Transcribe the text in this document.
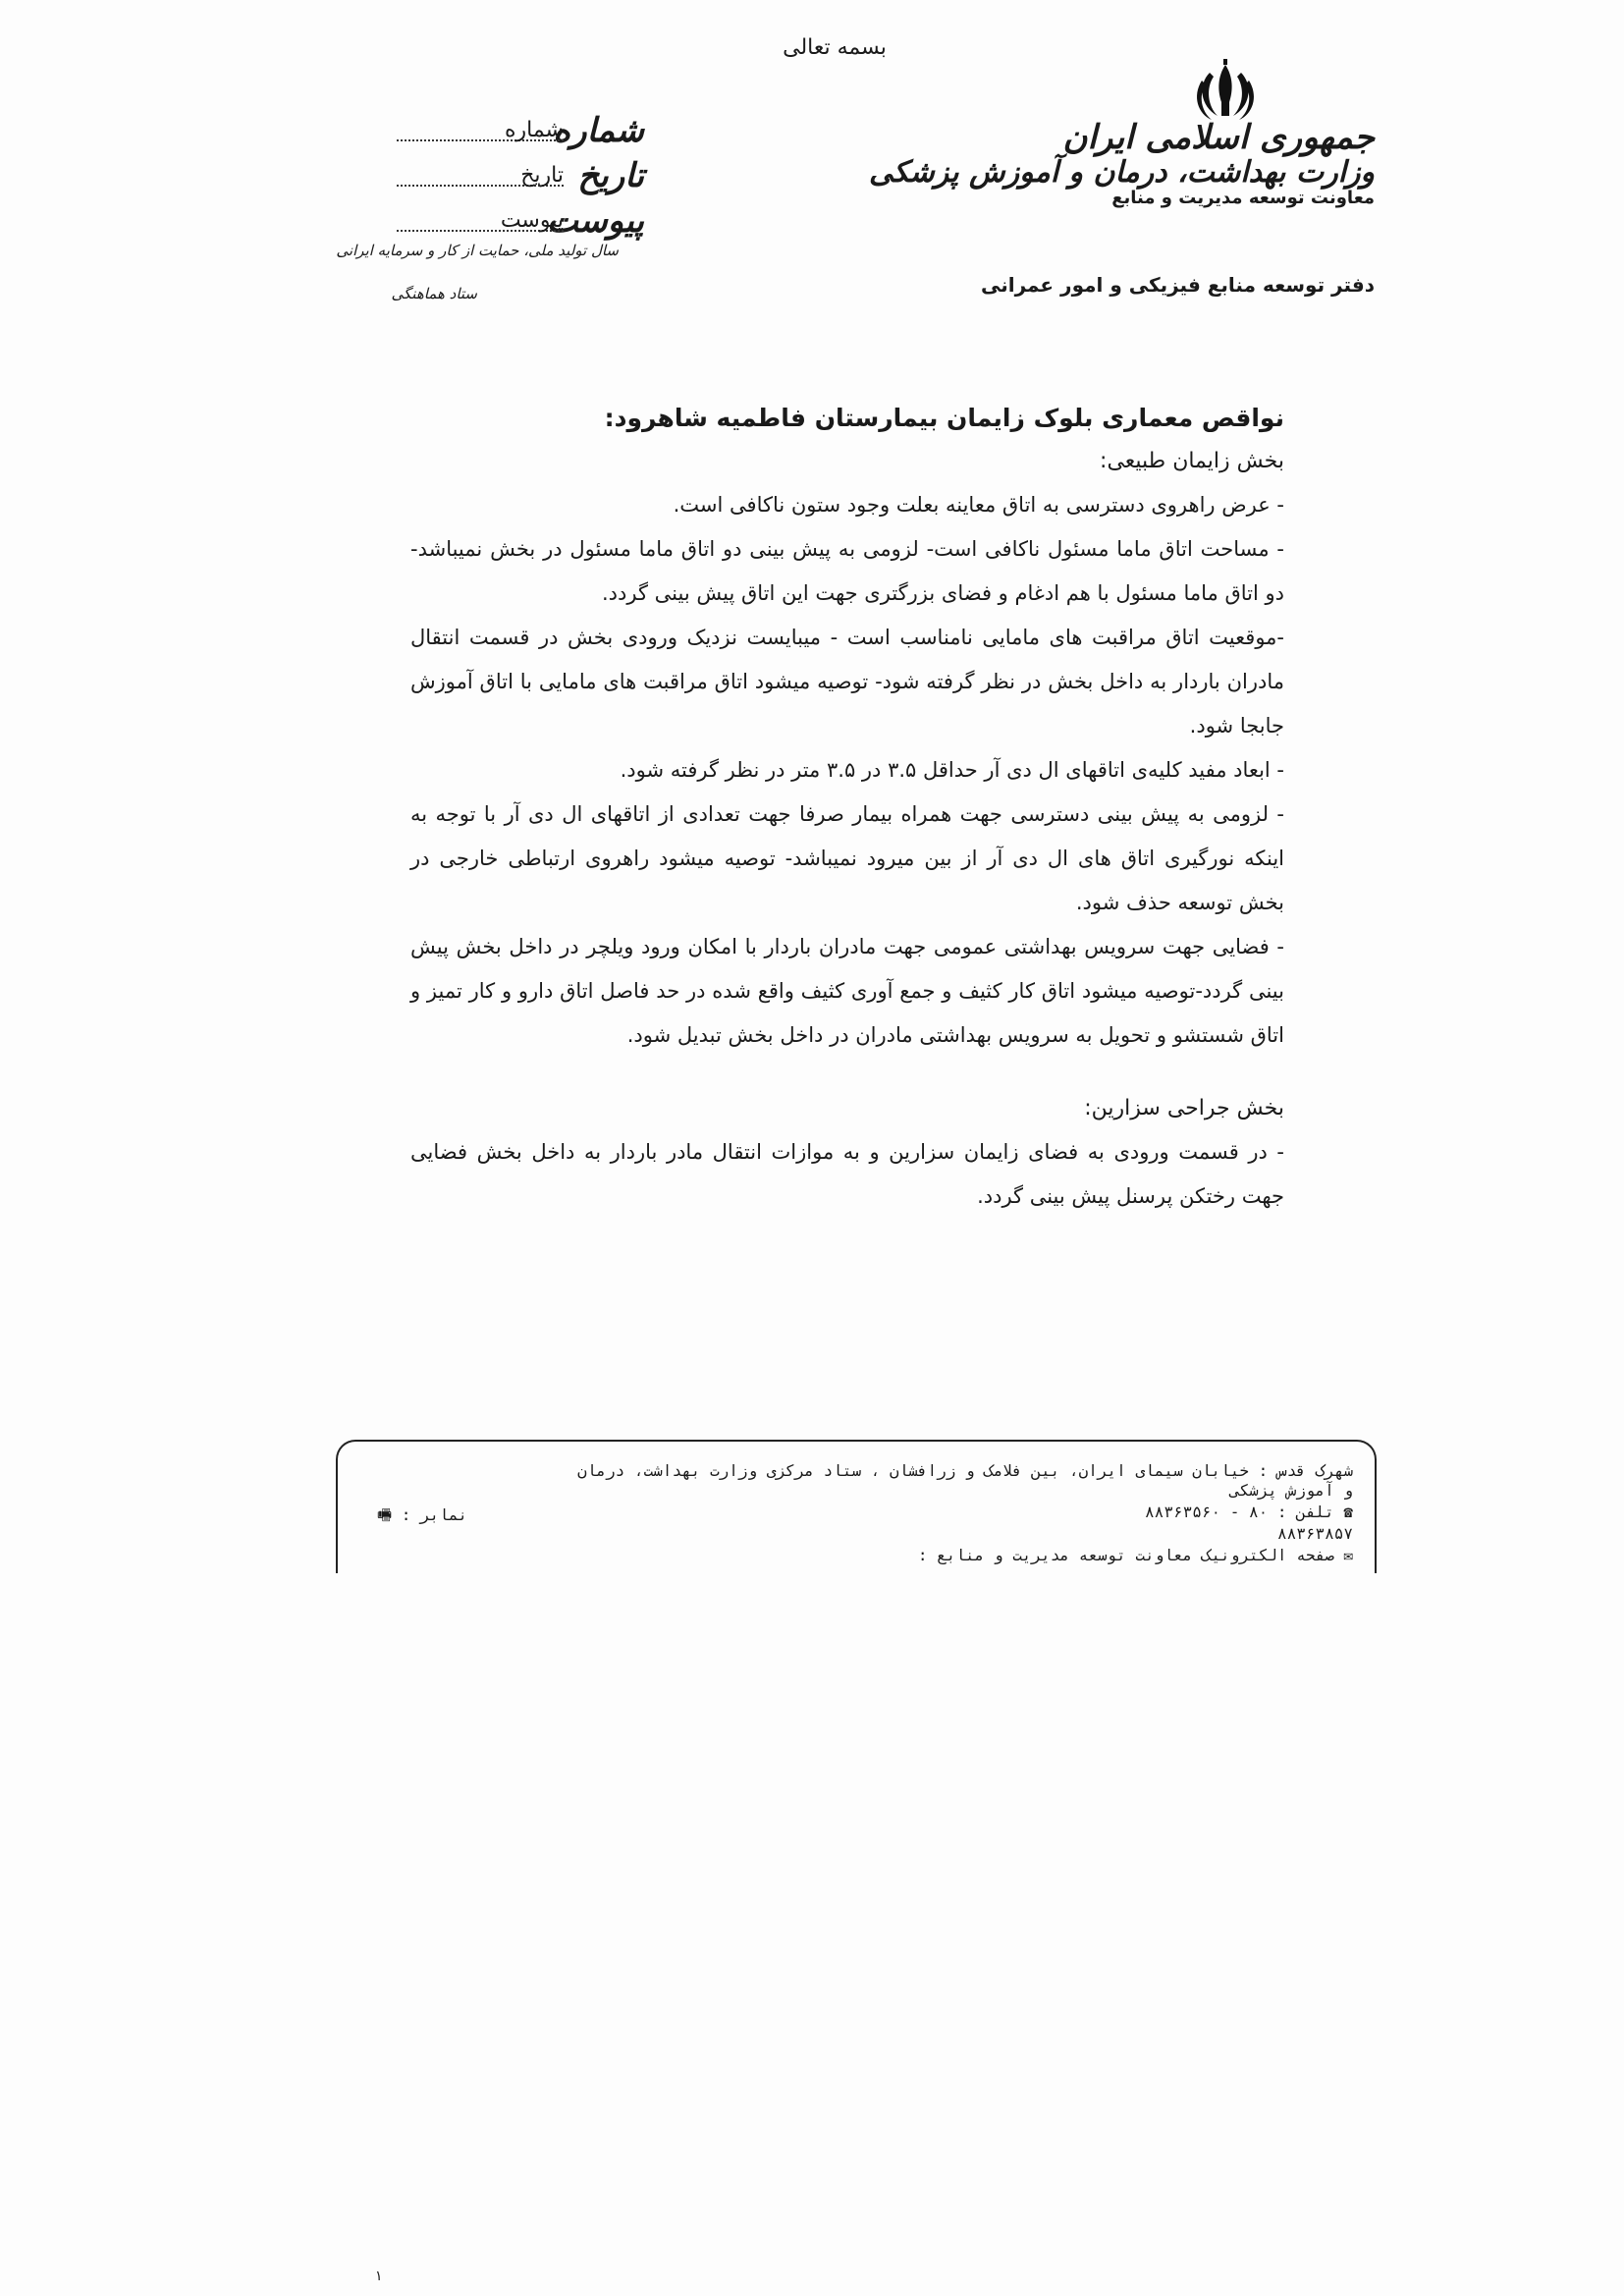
بسمه تعالی
جمهوری اسلامی ایران
وزارت بهداشت، درمان و آموزش پزشکی
معاونت توسعه مدیریت و منابع
دفتر توسعه منابع فیزیکی و امور عمرانی
شماره
شماره
تاریخ
تاریخ
پیوست
پیوست
سال تولید ملی، حمایت از کار و سرمایه ایرانی
ستاد هماهنگی

نواقص معماری بلوک زایمان بیمارستان فاطمیه شاهرود:

بخش زایمان طبیعی:

- عرض راهروی دسترسی به اتاق معاینه بعلت وجود ستون ناکافی است.

- مساحت اتاق ماما مسئول ناکافی است- لزومی به پیش بینی دو اتاق ماما مسئول در بخش نمیباشد- دو اتاق ماما مسئول با هم ادغام و فضای بزرگتری جهت این اتاق پیش بینی گردد.

-موقعیت اتاق مراقبت های مامایی نامناسب است - میبایست نزدیک ورودی بخش در قسمت انتقال مادران باردار به داخل بخش در نظر گرفته شود- توصیه میشود اتاق مراقبت های مامایی با اتاق آموزش جابجا شود.

- ابعاد مفید کلیه‌ی اتاقهای ال دی آر حداقل ۳.۵ در ۳.۵ متر در نظر گرفته شود.

- لزومی به پیش بینی دسترسی جهت همراه بیمار صرفا جهت تعدادی از اتاقهای ال دی آر با توجه به اینکه نورگیری اتاق های ال دی آر از بین میرود نمیباشد- توصیه میشود راهروی ارتباطی خارجی در بخش توسعه حذف شود.

- فضایی جهت سرویس بهداشتی عمومی جهت مادران باردار با امکان ورود ویلچر در داخل بخش پیش بینی گردد-توصیه میشود اتاق کار کثیف و جمع آوری کثیف واقع شده در حد فاصل اتاق دارو و کار تمیز و اتاق شستشو و تحویل به سرویس بهداشتی مادران در داخل بخش تبدیل شود.

بخش جراحی سزارین:

- در قسمت ورودی به فضای زایمان سزارین و به موازات انتقال مادر باردار به داخل بخش فضایی جهت رختکن پرسنل پیش بینی گردد.

شهرک قدس : خیابان سیمای ایران، بین فلامک و زرافشان ، ستاد مرکزی وزارت بهداشت، درمان
و آموزش پزشکی
☎ تلفن : ۸۰ - ۸۸۳۶۳۵۶۰
۸۸۳۶۳۸۵۷
✉ صفحه الکترونیک معاونت توسعه مدیریت و منابع :
نمابر : 🖷
۱
